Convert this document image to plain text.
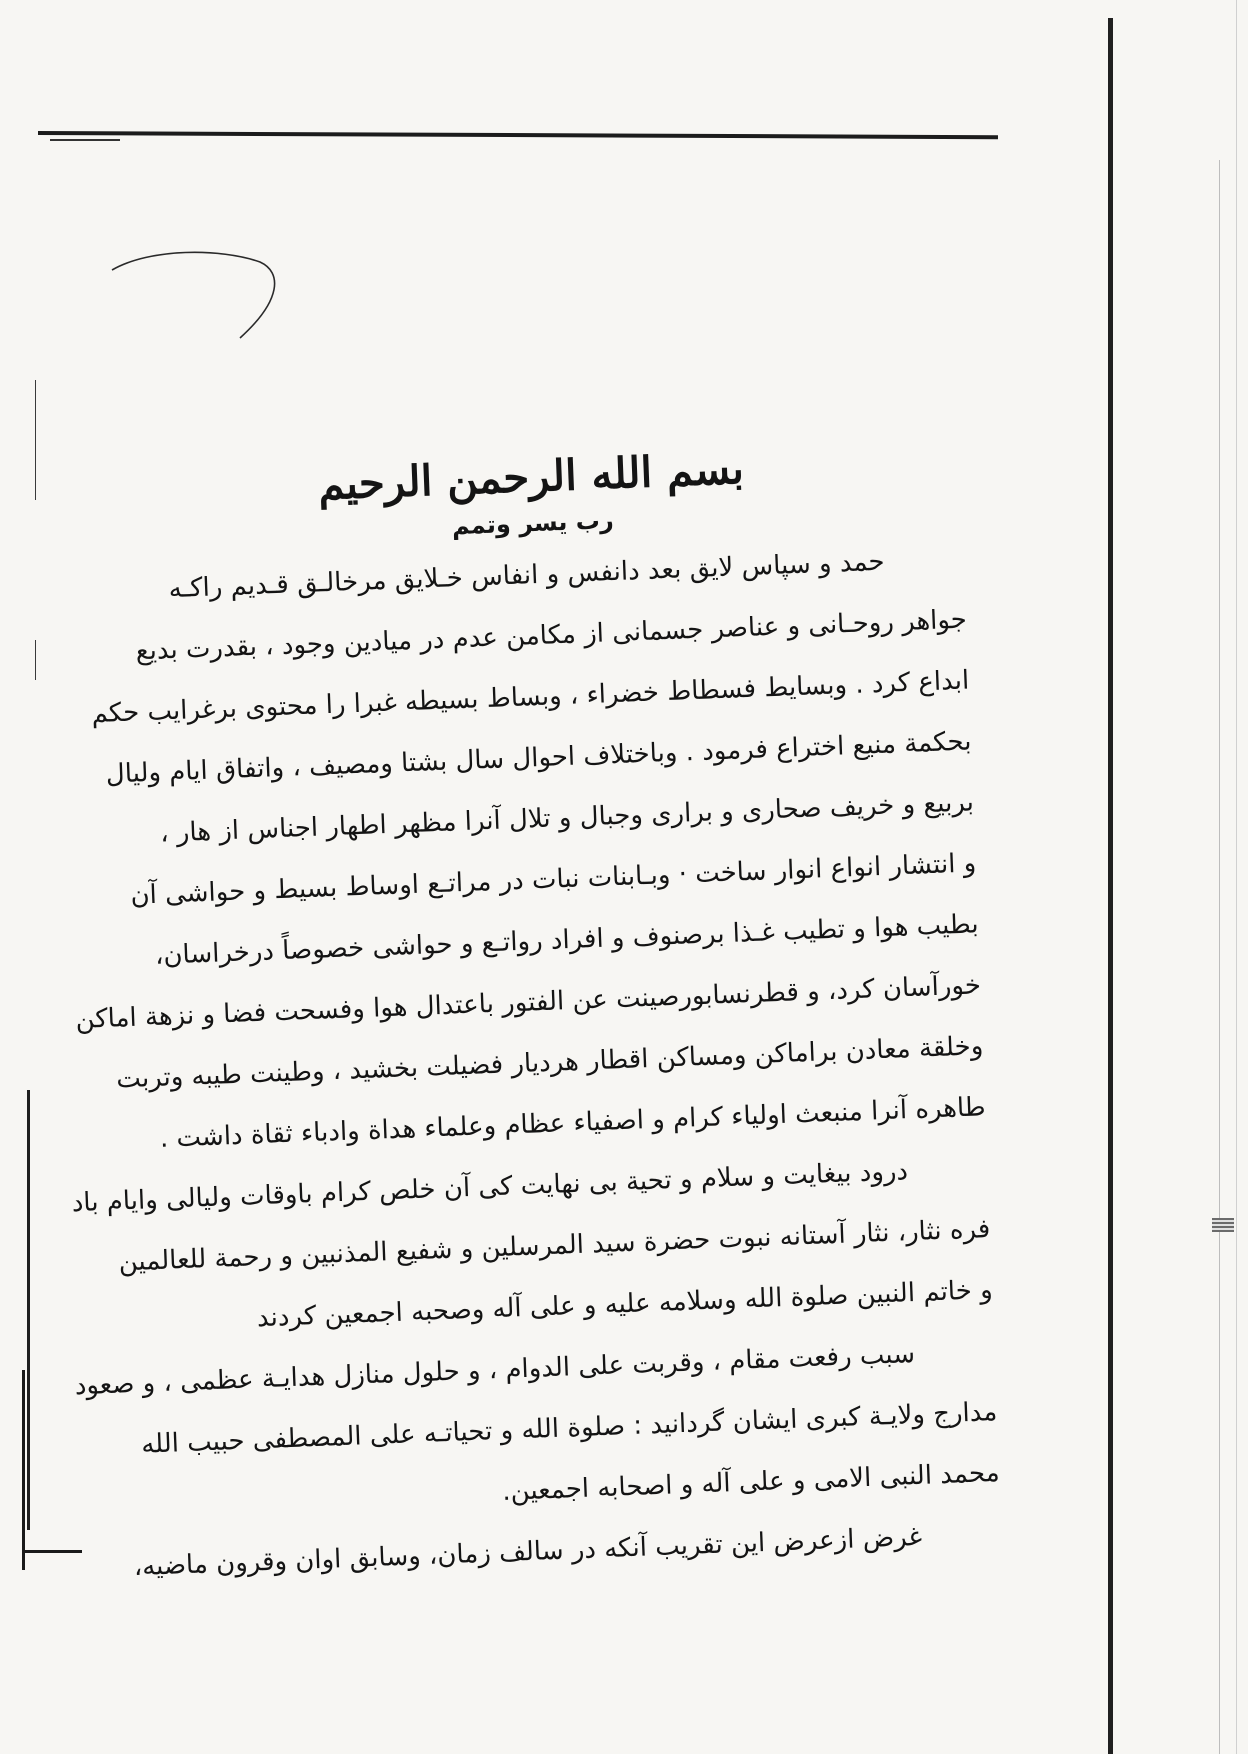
بسم الله الرحمن الرحیم
رب یسر وتمم

حمد و سپاس لایق بعد دانفس و انفاس خـلایق مرخالـق قـدیم راکـه
جواهر روحـانی و عناصر جسمانی از مکامن عدم در میادین وجود ، بقدرت بدیع
ابداع کرد . وبسایط فسطاط خضراء ، وبساط بسیطه غبرا را محتوی برغرایب حکم
بحکمة منیع اختراع فرمود . وباختلاف احوال سال بشتا ومصیف ، واتفاق ایام ولیال
بربیع و خریف صحاری و براری وجبال و تلال آنرا مظهر اطهار اجناس از هار ،
و انتشار انواع انوار ساخت · وبـابنات نبات در مراتـع اوساط بسیط و حواشی آن
بطیب هوا و تطیب غـذا برصنوف و افراد رواتـع و حواشی خصوصاً درخراسان،
خورآسان کرد، و قطرنسابورصینت عن الفتور باعتدال هوا وفسحت فضا و نزهة اماکن
وخلقة معادن براماکن ومساکن اقطار هردیار فضیلت بخشید ، وطینت طیبه وتربت
طاهره آنرا منبعث اولیاء کرام و اصفیاء عظام وعلماء هداة وادباء ثقاة داشت .

درود بیغایت و سلام و تحیة بی نهایت کی آن خلص کرام باوقات ولیالی وایام باد
فره نثار، نثار آستانه نبوت حضرة سید المرسلین و شفیع المذنبین و رحمة للعالمین
و خاتم النبین صلوة الله وسلامه علیه و علی آله وصحبه اجمعین کردند

سبب رفعت مقام ، وقربت علی الدوام ، و حلول منازل هدایـة عظمی ، و صعود
مدارج ولایـة کبری ایشان گردانید : صلوة الله و تحیاتـه علی المصطفی حبیب الله
محمد النبی الامی و علی آله و اصحابه اجمعین.

غرض ازعرض این تقریب آنکه در سالف زمان، وسابق اوان وقرون ماضیه،
